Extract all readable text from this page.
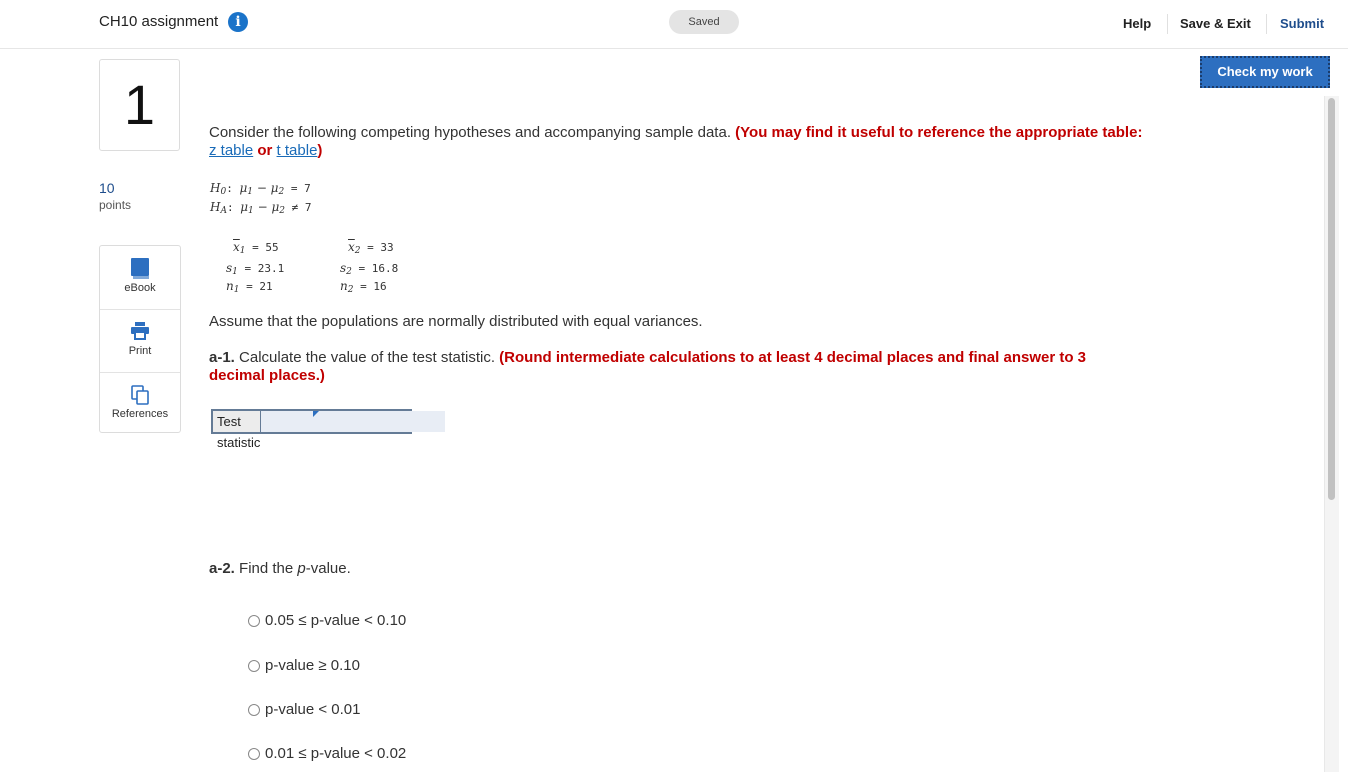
CH10 assignment	i	Saved	Help Save & Exit Submit
Check my work
1
10
points
eBook
Print
References
Consider the following competing hypotheses and accompanying sample data. (You may find it useful to reference the appropriate table: z table or t table)
H0: μ1 − μ2 = 7
HA: μ1 − μ2 ≠ 7
$\overline{x}1 = 55$
s1 = 23.1
n1 = 21
$\overline{x}2 = 33$
s2 = 16.8
n2 = 16
Assume that the populations are normally distributed with equal variances.
a-1. Calculate the value of the test statistic. (Round intermediate calculations to at least 4 decimal places and final answer to 3 decimal places.)
Test statistic
a-2. Find the p-value.
0.05 ≤ p-value < 0.10
p-value ≥ 0.10
p-value < 0.01
0.01 ≤ p-value < 0.02
